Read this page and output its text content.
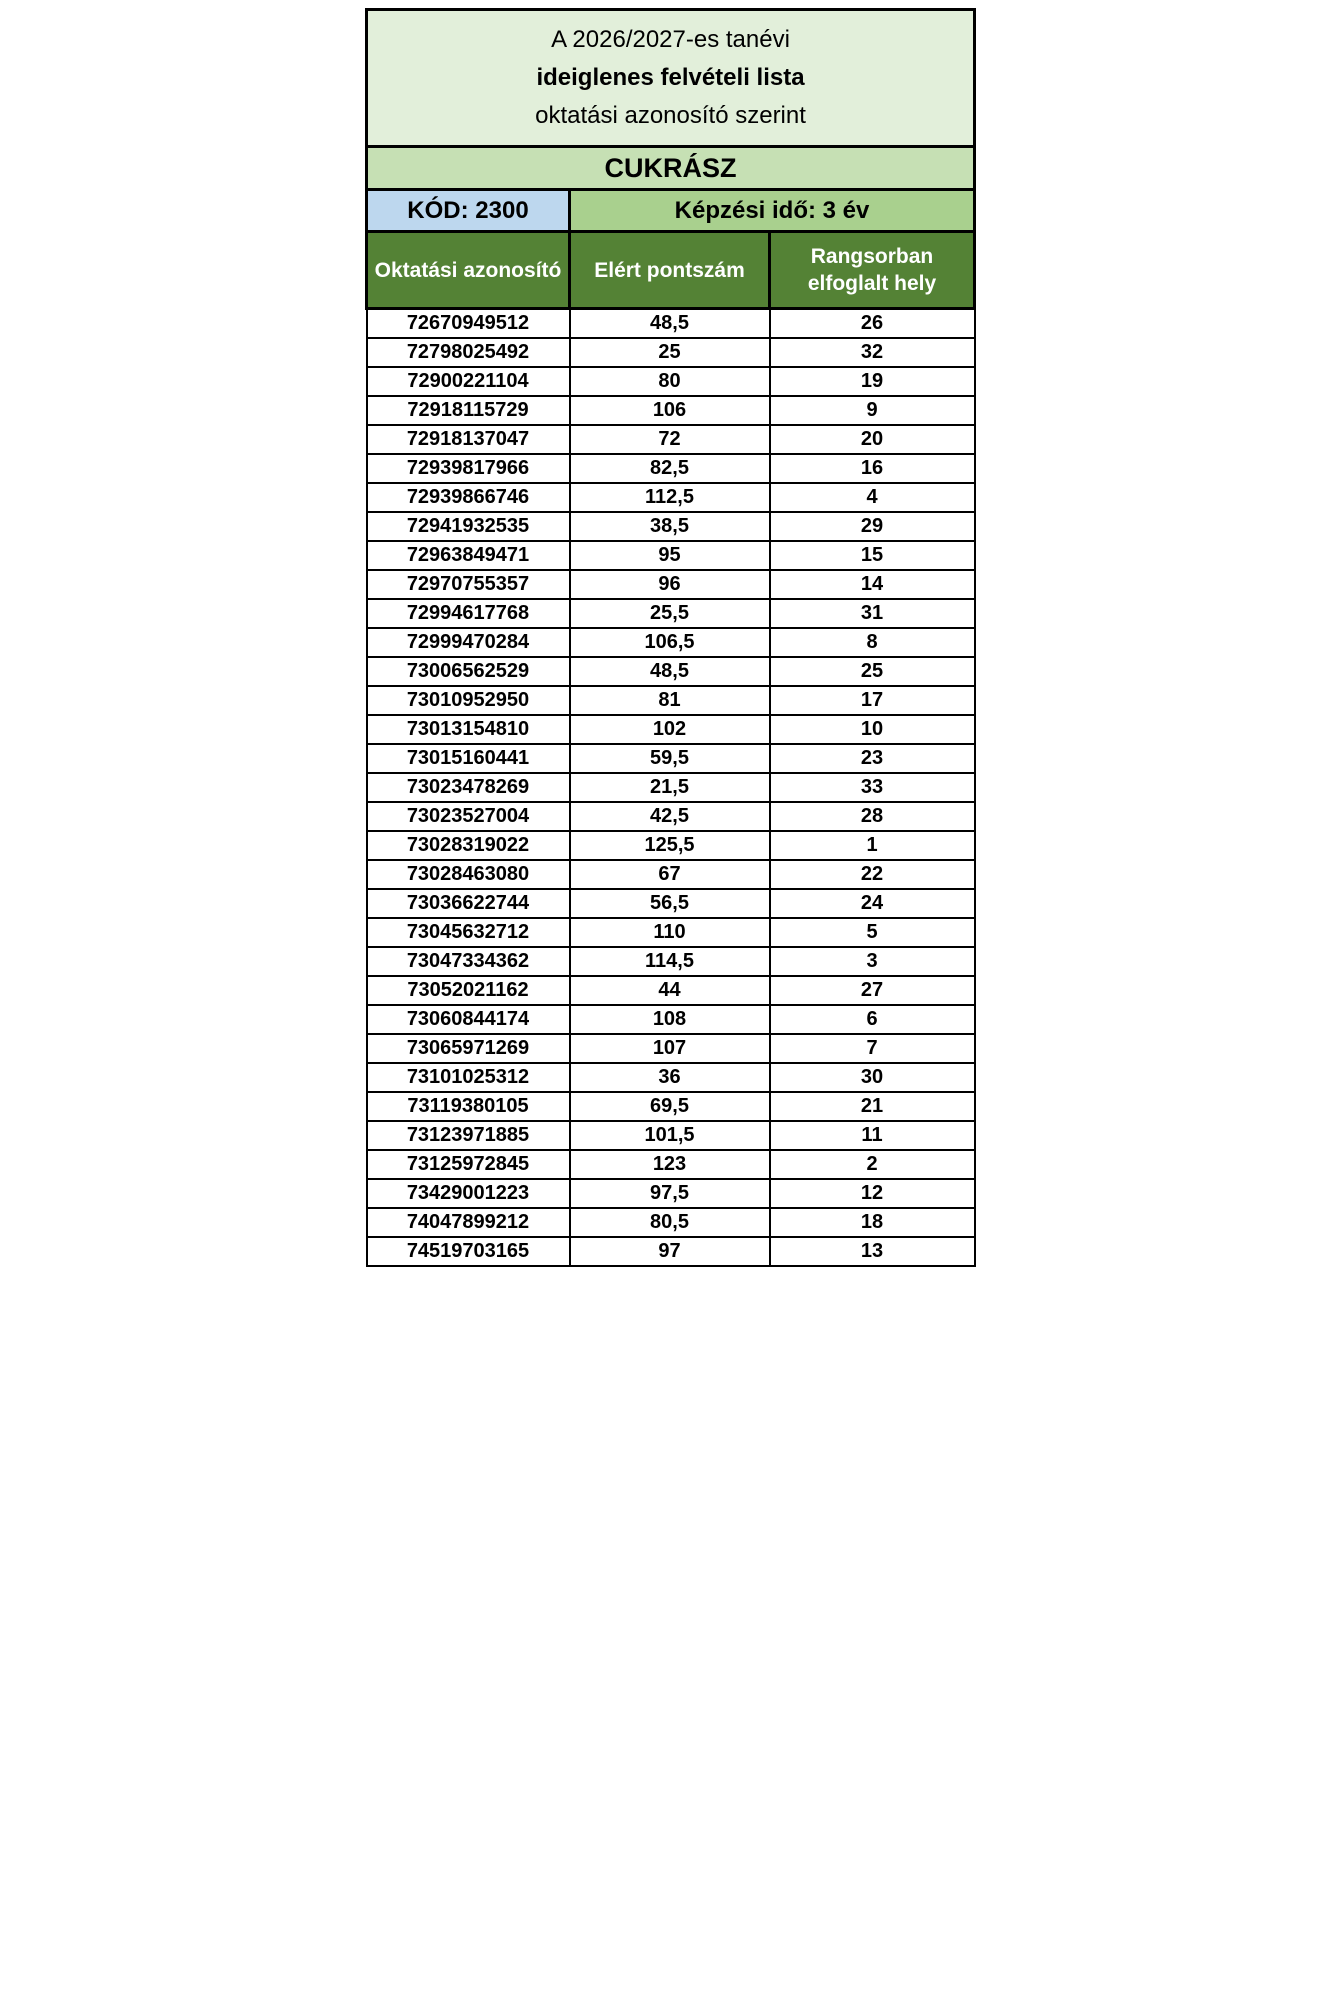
A 2026/2027-es tanévi
ideiglenes felvételi lista
oktatási azonosító szerint		

CUKRÁSZ		
KÓD: 2300	Képzési idő: 3 év	
Oktatási azonosító	Elért pontszám	Rangsorban elfoglalt hely
72670949512	48,5	26
72798025492	25	32
72900221104	80	19
72918115729	106	9
72918137047	72	20
72939817966	82,5	16
72939866746	112,5	4
72941932535	38,5	29
72963849471	95	15
72970755357	96	14
72994617768	25,5	31
72999470284	106,5	8
73006562529	48,5	25
73010952950	81	17
73013154810	102	10
73015160441	59,5	23
73023478269	21,5	33
73023527004	42,5	28
73028319022	125,5	1
73028463080	67	22
73036622744	56,5	24
73045632712	110	5
73047334362	114,5	3
73052021162	44	27
73060844174	108	6
73065971269	107	7
73101025312	36	30
73119380105	69,5	21
73123971885	101,5	11
73125972845	123	2
73429001223	97,5	12
74047899212	80,5	18
74519703165	97	13
